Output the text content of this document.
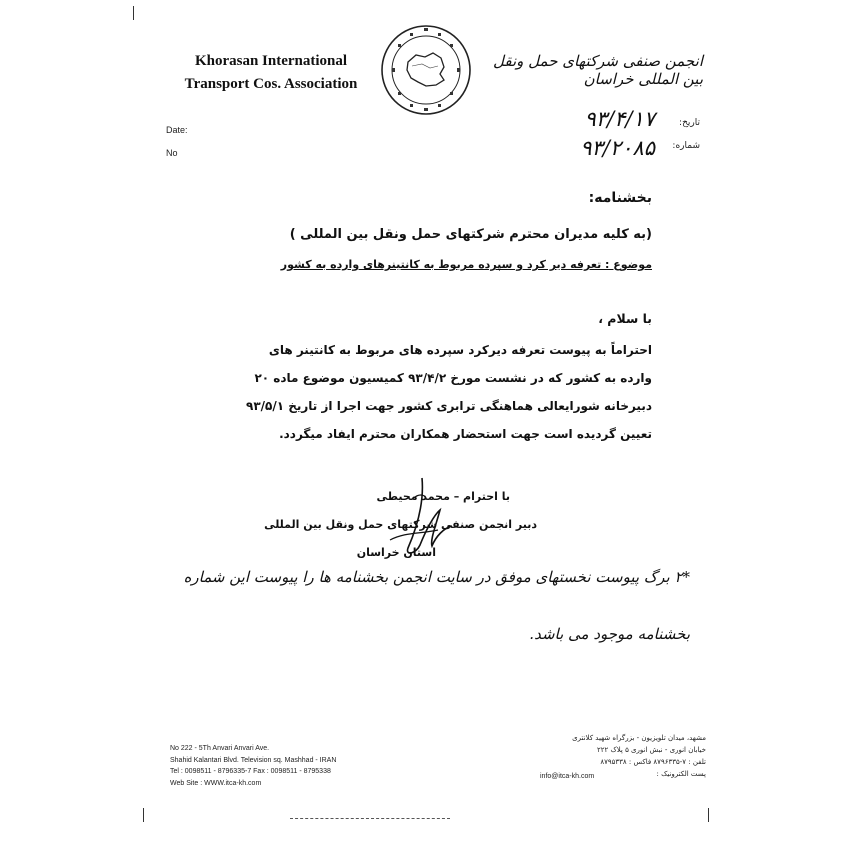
Khorasan International
Transport Cos. Association
انجمن صنفی شرکتهای حمل ونقل بین المللی خراسان
Date:
No
تاریخ:
شماره:
۹۳/۴/۱۷
۹۳/۲۰۸۵
بخشنامه:
(به کلیه مدیران محترم شرکتهای حمل ونقل بین المللی )
موضوع : تعرفه دیر کرد و سپرده مربوط به کانتینرهای وارده به کشور
با سلام ،
احتراماً به پیوست تعرفه دیرکرد سپرده های مربوط به کانتینر های
وارده به کشور که در نشست مورخ ۹۳/۴/۲ کمیسیون موضوع ماده ۲۰
دبیرخانه شورایعالی هماهنگی ترابری کشور جهت اجرا از تاریخ ۹۳/۵/۱
تعیین گردیده است جهت استحضار همکاران محترم ایفاد میگردد.
با احترام – محمد محیطی
دبیر انجمن صنفی شرکتهای حمل ونقل بین المللی
استان خراسان
*۲ برگ پیوست نخستهای موفق در سایت انجمن بخشنامه ها را پیوست این شماره
بخشنامه موجود می باشد.
No 222 - 5Th Anvari Anvari Ave.
Shahid Kalantari Blvd. Television sq. Mashhad - IRAN
Tel : 0098511 - 8796335-7 Fax : 0098511 - 8795338
Web Site : WWW.itca-kh.com
مشهد، میدان تلویزیون - بزرگراه شهید کلانتری
خیابان انوری - نبش انوری ۵ پلاک ۲۲۲
تلفن : ۷-۸۷۹۶۳۳۵ فاکس : ۸۷۹۵۳۳۸
پست الکترونیک :
info@itca-kh.com
